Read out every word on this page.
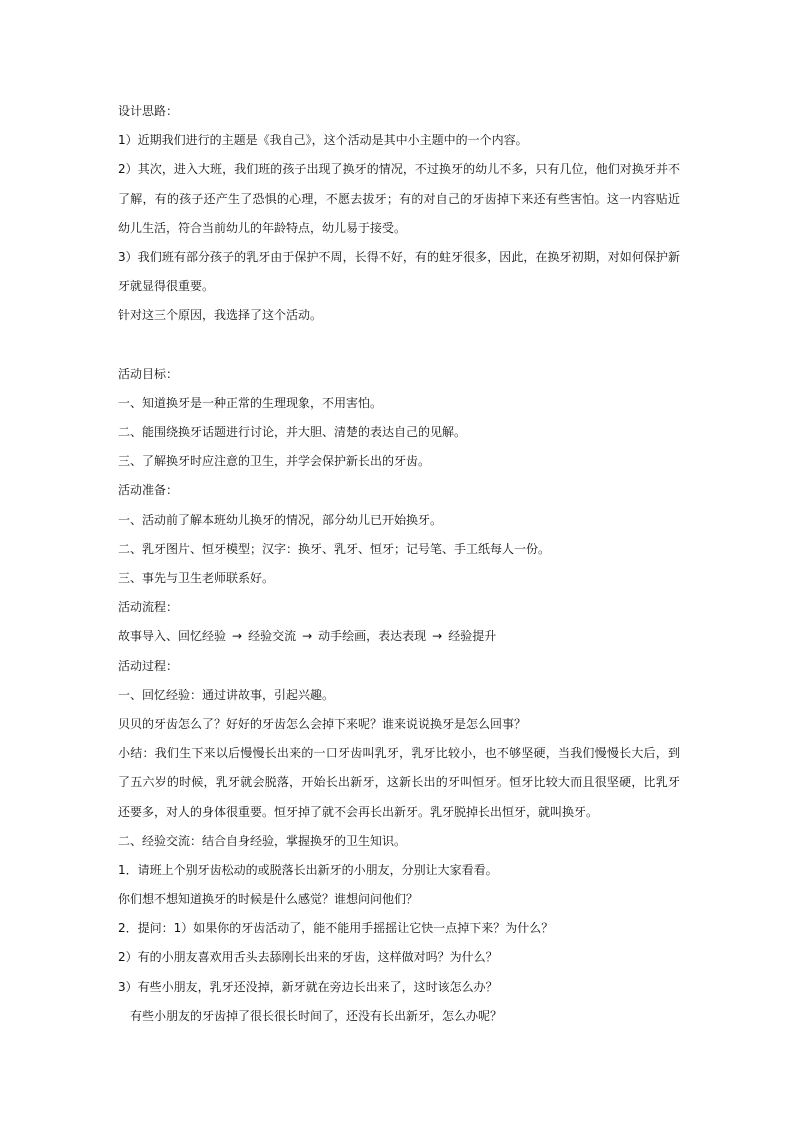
设计思路：
1）近期我们进行的主题是《我自己》，这个活动是其中小主题中的一个内容。
2）其次，进入大班，我们班的孩子出现了换牙的情况，不过换牙的幼儿不多，只有几位，他们对换牙并不
了解，有的孩子还产生了恐惧的心理，不愿去拔牙；有的对自己的牙齿掉下来还有些害怕。这一内容贴近
幼儿生活，符合当前幼儿的年龄特点，幼儿易于接受。
3）我们班有部分孩子的乳牙由于保护不周，长得不好，有的蛀牙很多，因此，在换牙初期，对如何保护新
牙就显得很重要。
针对这三个原因，我选择了这个活动。
活动目标：
一、知道换牙是一种正常的生理现象，不用害怕。
二、能围绕换牙话题进行讨论，并大胆、清楚的表达自己的见解。
三、了解换牙时应注意的卫生，并学会保护新长出的牙齿。
活动准备：
一、活动前了解本班幼儿换牙的情况，部分幼儿已开始换牙。
二、乳牙图片、恒牙模型；汉字：换牙、乳牙、恒牙；记号笔、手工纸每人一份。
三、事先与卫生老师联系好。
活动流程：
故事导入、回忆经验 → 经验交流 → 动手绘画，表达表现 → 经验提升
活动过程：
一、回忆经验：通过讲故事，引起兴趣。
贝贝的牙齿怎么了？好好的牙齿怎么会掉下来呢？谁来说说换牙是怎么回事？
小结：我们生下来以后慢慢长出来的一口牙齿叫乳牙，乳牙比较小，也不够坚硬，当我们慢慢长大后，到
了五六岁的时候，乳牙就会脱落，开始长出新牙，这新长出的牙叫恒牙。恒牙比较大而且很坚硬，比乳牙
还要多，对人的身体很重要。恒牙掉了就不会再长出新牙。乳牙脱掉长出恒牙，就叫换牙。
二、经验交流：结合自身经验，掌握换牙的卫生知识。
1．请班上个别牙齿松动的或脱落长出新牙的小朋友，分别让大家看看。
你们想不想知道换牙的时候是什么感觉？谁想问问他们？
2．提问：1）如果你的牙齿活动了，能不能用手摇摇让它快一点掉下来？为什么？
2）有的小朋友喜欢用舌头去舔刚长出来的牙齿，这样做对吗？为什么？
3）有些小朋友，乳牙还没掉，新牙就在旁边长出来了，这时该怎么办？
有些小朋友的牙齿掉了很长很长时间了，还没有长出新牙，怎么办呢？
